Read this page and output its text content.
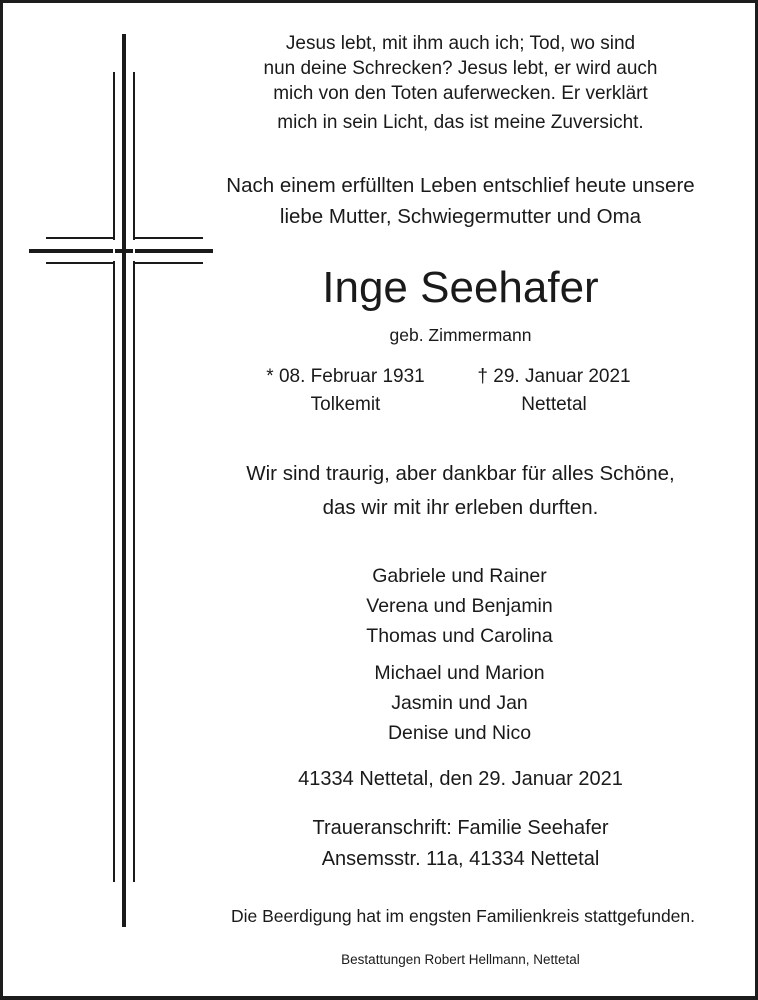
Jesus lebt, mit ihm auch ich; Tod, wo sind
nun deine Schrecken? Jesus lebt, er wird auch
mich von den Toten auferwecken. Er verklärt
mich in sein Licht, das ist meine Zuversicht.
Nach einem erfüllten Leben entschlief heute unsere
liebe Mutter, Schwiegermutter und Oma
Inge Seehafer
geb. Zimmermann
* 08. Februar 1931
Tolkemit
† 29. Januar 2021
Nettetal
Wir sind traurig, aber dankbar für alles Schöne,
das wir mit ihr erleben durften.
Gabriele und Rainer
Verena und Benjamin
Thomas und Carolina
Michael und Marion
Jasmin und Jan
Denise und Nico
41334 Nettetal, den 29. Januar 2021
Traueranschrift: Familie Seehafer
Ansemsstr. 11a, 41334 Nettetal
Die Beerdigung hat im engsten Familienkreis stattgefunden.
Bestattungen Robert Hellmann, Nettetal
